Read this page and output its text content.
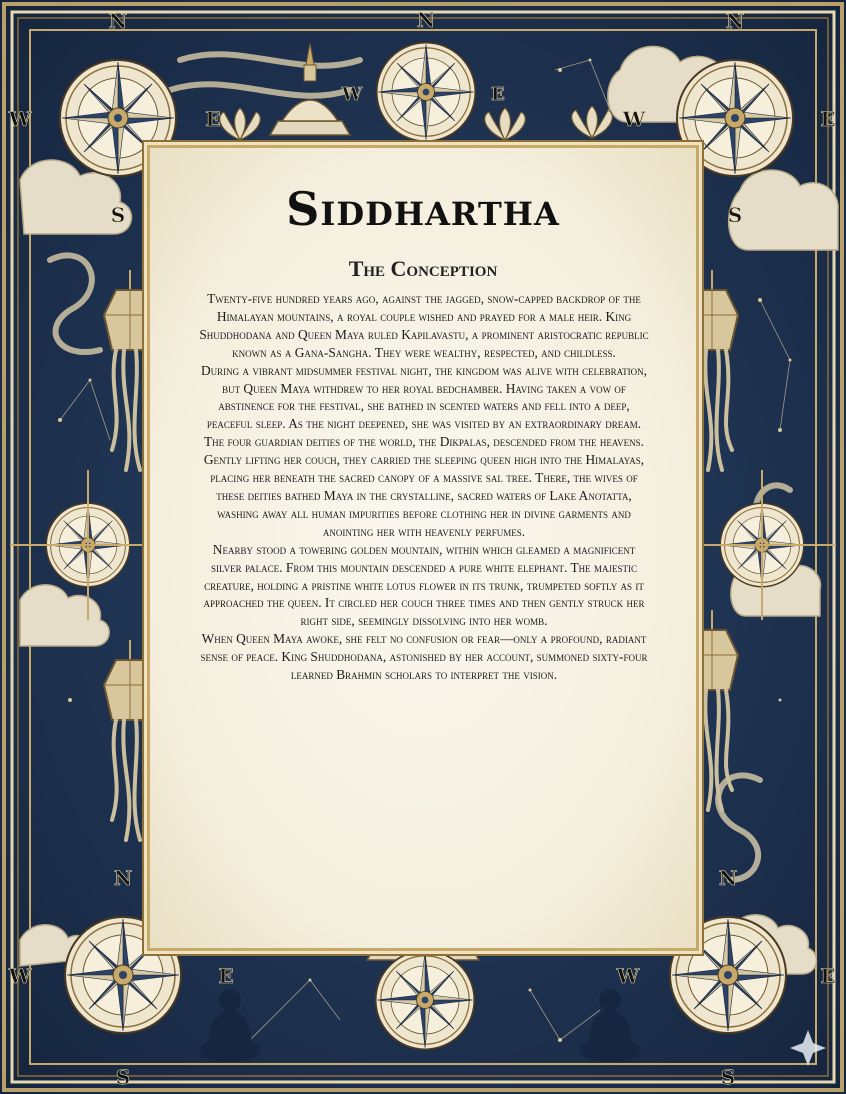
N
W	E
S
N
W	E
N
W	E
S
N
W	E
S
N
W	E
S
Siddhartha
The Conception

Twenty-five hundred years ago, against the jagged, snow-capped backdrop of the Himalayan mountains, a royal couple wished and prayed for a male heir. King Shuddhodana and Queen Maya ruled Kapilavastu, a prominent aristocratic republic known as a Gana-Sangha. They were wealthy, respected, and childless.

During a vibrant midsummer festival night, the kingdom was alive with celebration, but Queen Maya withdrew to her royal bedchamber. Having taken a vow of abstinence for the festival, she bathed in scented waters and fell into a deep, peaceful sleep. As the night deepened, she was visited by an extraordinary dream.

The four guardian deities of the world, the Dikpalas, descended from the heavens. Gently lifting her couch, they carried the sleeping queen high into the Himalayas, placing her beneath the sacred canopy of a massive sal tree. There, the wives of these deities bathed Maya in the crystalline, sacred waters of Lake Anotatta, washing away all human impurities before clothing her in divine garments and anointing her with heavenly perfumes.

Nearby stood a towering golden mountain, within which gleamed a magnificent silver palace. From this mountain descended a pure white elephant. The majestic creature, holding a pristine white lotus flower in its trunk, trumpeted softly as it approached the queen. It circled her couch three times and then gently struck her right side, seemingly dissolving into her womb.

When Queen Maya awoke, she felt no confusion or fear—only a profound, radiant sense of peace. King Shuddhodana, astonished by her account, summoned sixty-four learned Brahmin scholars to interpret the vision.
